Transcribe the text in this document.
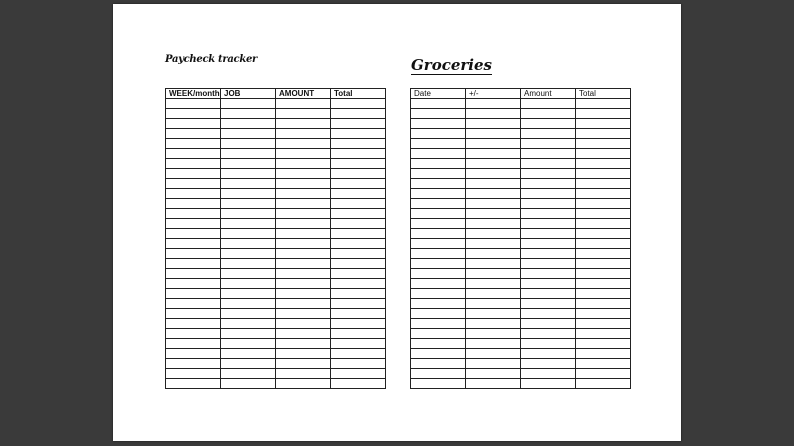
Paycheck tracker	Groceries
WEEK/month	JOB	AMOUNT	Total

				Date	+/-	Amount	Total
